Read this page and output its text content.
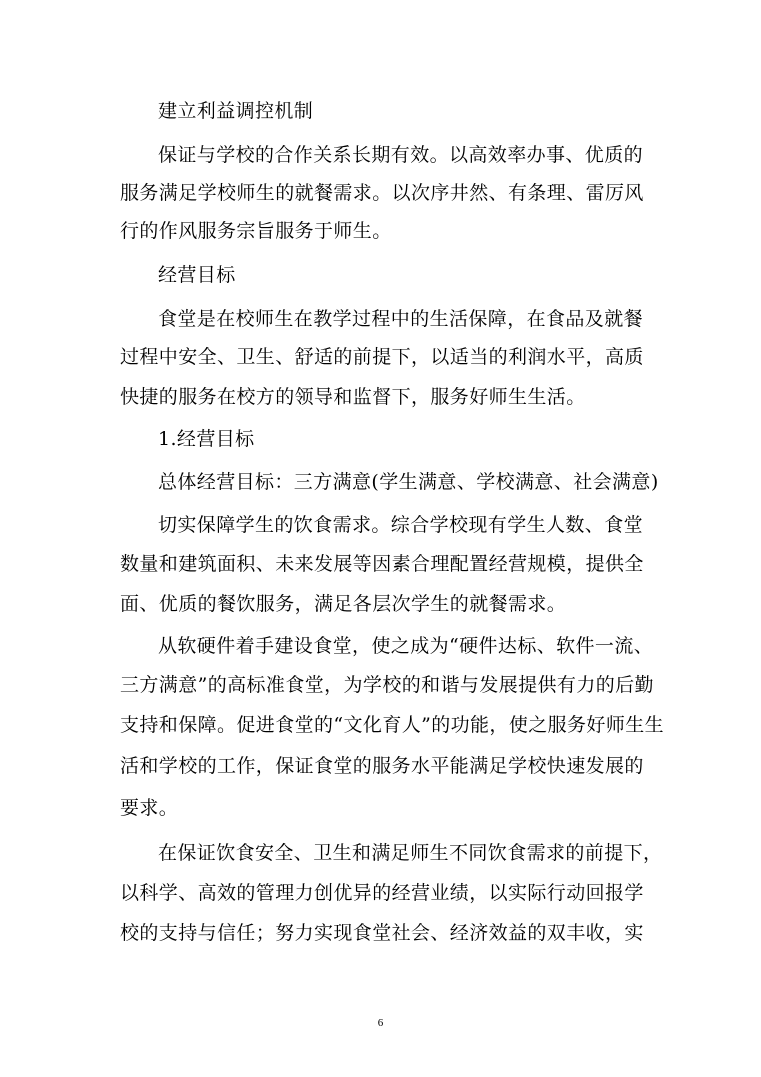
建立利益调控机制
保证与学校的合作关系长期有效。以高效率办事、优质的
服务满足学校师生的就餐需求。以次序井然、有条理、雷厉风
行的作风服务宗旨服务于师生。
经营目标
食堂是在校师生在教学过程中的生活保障，在食品及就餐
过程中安全、卫生、舒适的前提下，以适当的利润水平，高质
快捷的服务在校方的领导和监督下，服务好师生生活。
1.经营目标
总体经营目标：三方满意(学生满意、学校满意、社会满意)
切实保障学生的饮食需求。综合学校现有学生人数、食堂
数量和建筑面积、未来发展等因素合理配置经营规模，提供全
面、优质的餐饮服务，满足各层次学生的就餐需求。
从软硬件着手建设食堂，使之成为“硬件达标、软件一流、
三方满意”的高标准食堂，为学校的和谐与发展提供有力的后勤
支持和保障。促进食堂的“文化育人”的功能，使之服务好师生生
活和学校的工作，保证食堂的服务水平能满足学校快速发展的
要求。
在保证饮食安全、卫生和满足师生不同饮食需求的前提下，
以科学、高效的管理力创优异的经营业绩，以实际行动回报学
校的支持与信任；努力实现食堂社会、经济效益的双丰收，实
6
